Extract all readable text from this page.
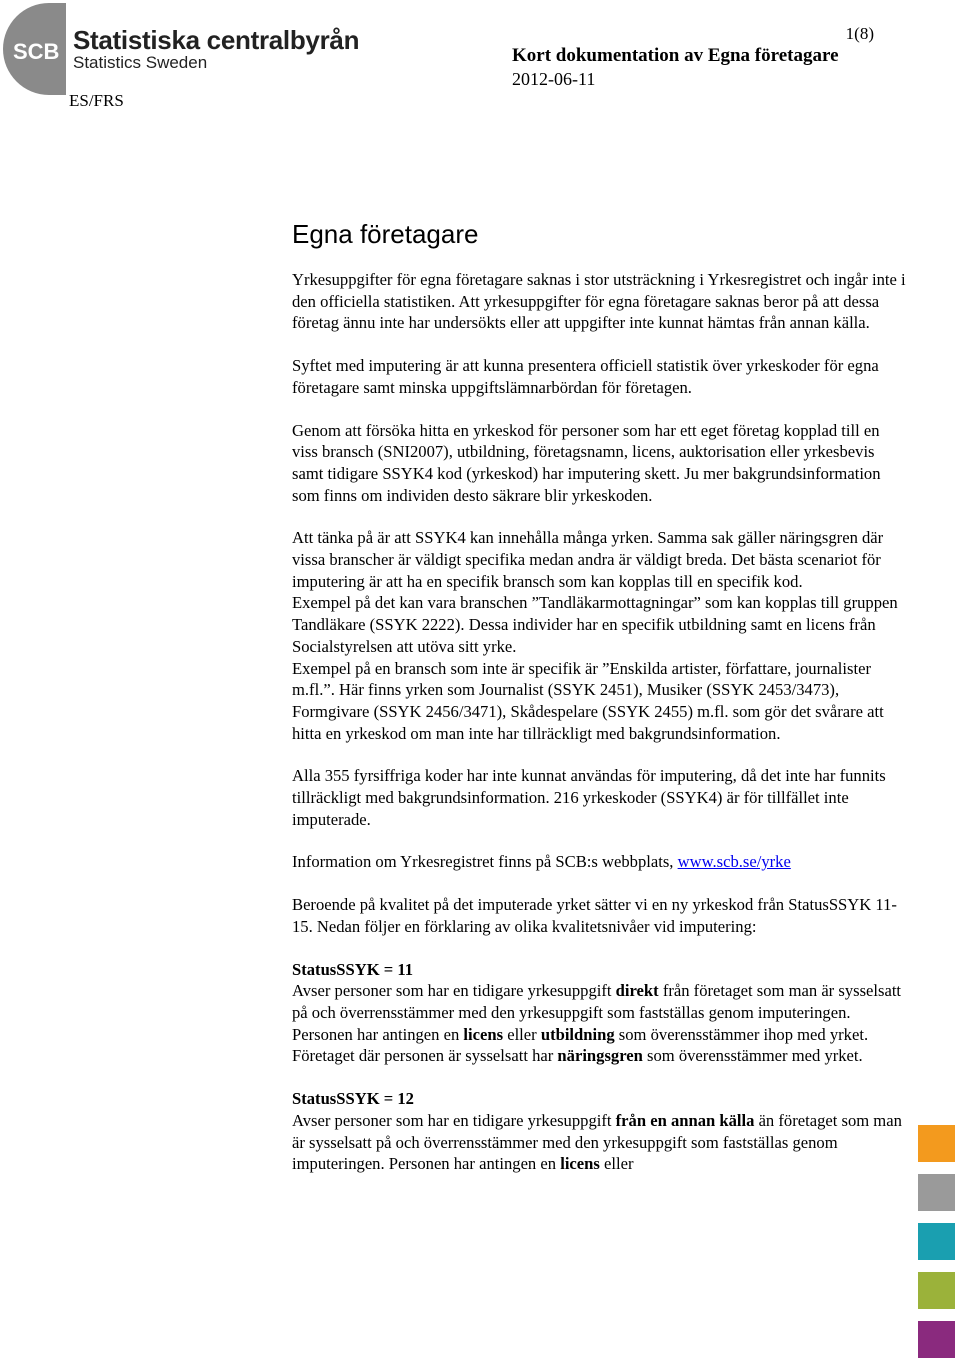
SCB Statistiska centralbyrån
Statistics Sweden
1(8)
Kort dokumentation av Egna företagare
2012-06-11
ES/FRS
Egna företagare

Yrkesuppgifter för egna företagare saknas i stor utsträckning i Yrkesregistret och ingår inte i den officiella statistiken. Att yrkesuppgifter för egna företagare saknas beror på att dessa företag ännu inte har undersökts eller att uppgifter inte kunnat hämtas från annan källa.

Syftet med imputering är att kunna presentera officiell statistik över yrkeskoder för egna företagare samt minska uppgiftslämnarbördan för företagen.

Genom att försöka hitta en yrkeskod för personer som har ett eget företag kopplad till en viss bransch (SNI2007), utbildning, företagsnamn, licens, auktorisation eller yrkesbevis samt tidigare SSYK4 kod (yrkeskod) har imputering skett. Ju mer bakgrundsinformation som finns om individen desto säkrare blir yrkeskoden.

Att tänka på är att SSYK4 kan innehålla många yrken. Samma sak gäller näringsgren där vissa branscher är väldigt specifika medan andra är väldigt breda. Det bästa scenariot för imputering är att ha en specifik bransch som kan kopplas till en specifik kod.

Exempel på det kan vara branschen ”Tandläkarmottagningar” som kan kopplas till gruppen Tandläkare (SSYK 2222). Dessa individer har en specifik utbildning samt en licens från Socialstyrelsen att utöva sitt yrke.

Exempel på en bransch som inte är specifik är ”Enskilda artister, författare, journalister m.fl.”. Här finns yrken som Journalist (SSYK 2451), Musiker (SSYK 2453/3473), Formgivare (SSYK 2456/3471), Skådespelare (SSYK 2455) m.fl. som gör det svårare att hitta en yrkeskod om man inte har tillräckligt med bakgrundsinformation.

Alla 355 fyrsiffriga koder har inte kunnat användas för imputering, då det inte har funnits tillräckligt med bakgrundsinformation. 216 yrkeskoder (SSYK4) är för tillfället inte imputerade.

Information om Yrkesregistret finns på SCB:s webbplats, www.scb.se/yrke

Beroende på kvalitet på det imputerade yrket sätter vi en ny yrkeskod från StatusSSYK 11-15. Nedan följer en förklaring av olika kvalitetsnivåer vid imputering:

StatusSSYK = 11
Avser personer som har en tidigare yrkesuppgift direkt från företaget som man är sysselsatt på och överrensstämmer med den yrkesuppgift som fastställas genom imputeringen. Personen har antingen en licens eller utbildning som överensstämmer ihop med yrket. Företaget där personen är sysselsatt har näringsgren som överensstämmer med yrket.

StatusSSYK = 12
Avser personer som har en tidigare yrkesuppgift från en annan källa än företaget som man är sysselsatt på och överrensstämmer med den yrkesuppgift som fastställas genom imputeringen. Personen har antingen en licens eller
